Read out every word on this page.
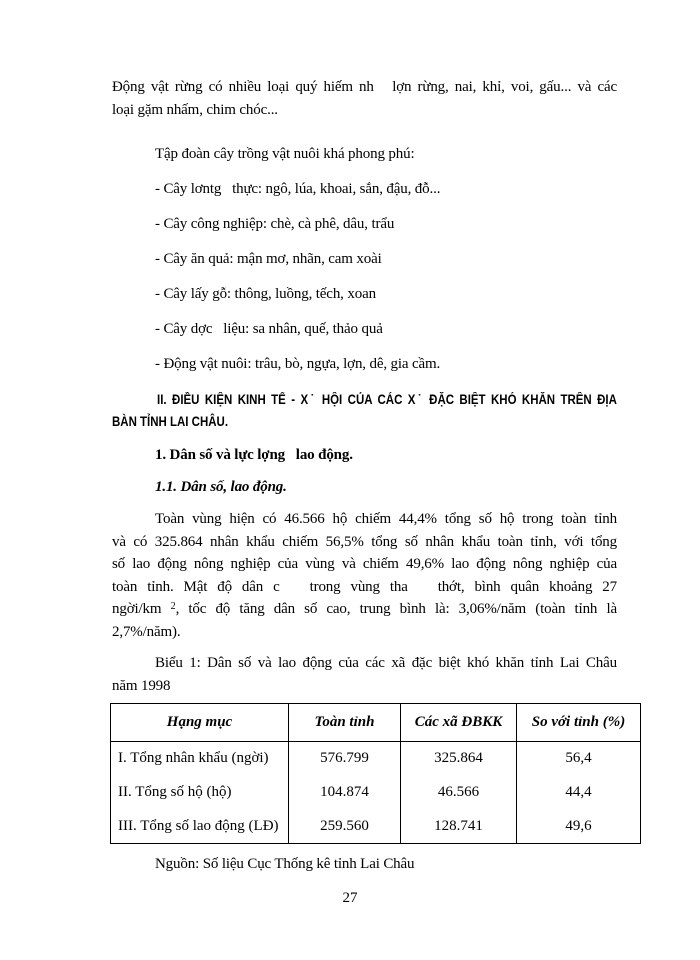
Động vật rừng có nhiều loại quý hiếm nh   lợn rừng, nai, khỉ, voi, gấu... và các
loại gặm nhấm, chim chóc...
Tập đoàn cây trồng vật nuôi khá phong phú:
- Cây lơntg   thực: ngô, lúa, khoai, sắn, đậu, đỗ...
- Cây công nghiệp: chè, cà phê, dâu, trẩu
- Cây ăn quả: mận mơ, nhãn, cam xoài
- Cây lấy gỗ: thông, luồng, tếch, xoan
- Cây dợc   liệu: sa nhân, quế, thảo quả
- Động vật nuôi: trâu, bò, ngựa, lợn, dê, gia cầm.
II. ĐIỀU KIỆN KINH TẾ - X˙ HỘI CỦA CÁC X˙ ĐẶC BIỆT KHÓ KHĂN TRÊN ĐỊA
BÀN TỈNH LAI CHÂU.
1. Dân số và lực lợng   lao động.
1.1. Dân số, lao động.
Toàn vùng hiện có 46.566 hộ chiếm 44,4% tổng số hộ trong toàn tỉnh
và có 325.864 nhân khẩu chiếm 56,5% tổng số nhân khẩu toàn tỉnh, với tổng
số lao động nông nghiệp của vùng và chiếm 49,6% lao động nông nghiệp của
toàn tỉnh. Mật độ dân c   trong vùng tha   thớt, bình quân khoảng 27
ngời/km $^2$, tốc độ tăng dân số cao, trung bình là: 3,06%/năm (toàn tỉnh là
2,7%/năm).
Biểu 1: Dân số và lao động của các xã đặc biệt khó khăn tỉnh Lai Châu
năm 1998
Hạng mục	Toàn tỉnh	Các xã ĐBKK	So với tỉnh (%)
I. Tổng nhân khẩu (ngời)	576.799	325.864	56,4
II. Tổng số hộ (hộ)	104.874	46.566	44,4
III. Tổng số lao động (LĐ)	259.560	128.741	49,6
Nguồn: Số liệu Cục Thống kê tỉnh Lai Châu
27
